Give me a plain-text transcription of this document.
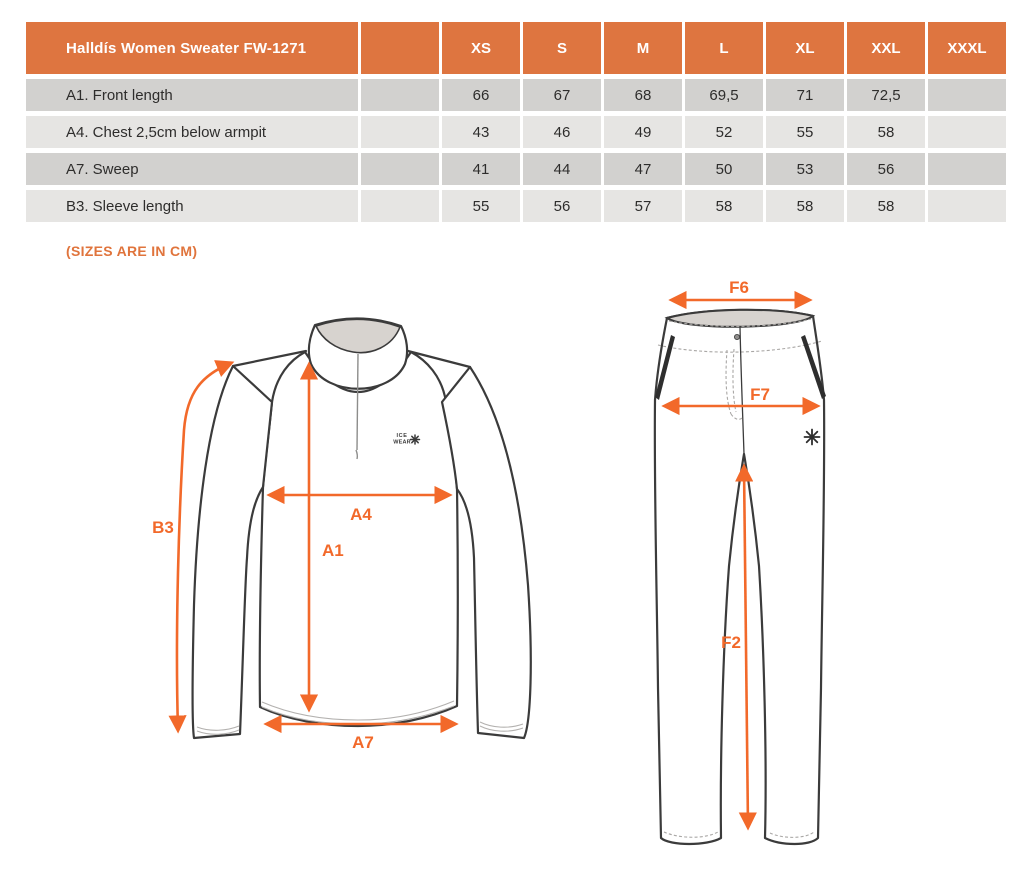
Halldís Women Sweater FW-1271		XS	S	M	L	XL	XXL	XXXL
A1. Front length		66	67	68	69,5	71	72,5	
A4. Chest 2,5cm below armpit		43	46	49	52	55	58	
A7. Sweep		41	44	47	50	53	56	
B3. Sleeve length		55	56	57	58	58	58	
(SIZES ARE IN CM)
ICE
WEAR
A4
A1
A7
B3
F6
F7
F2
